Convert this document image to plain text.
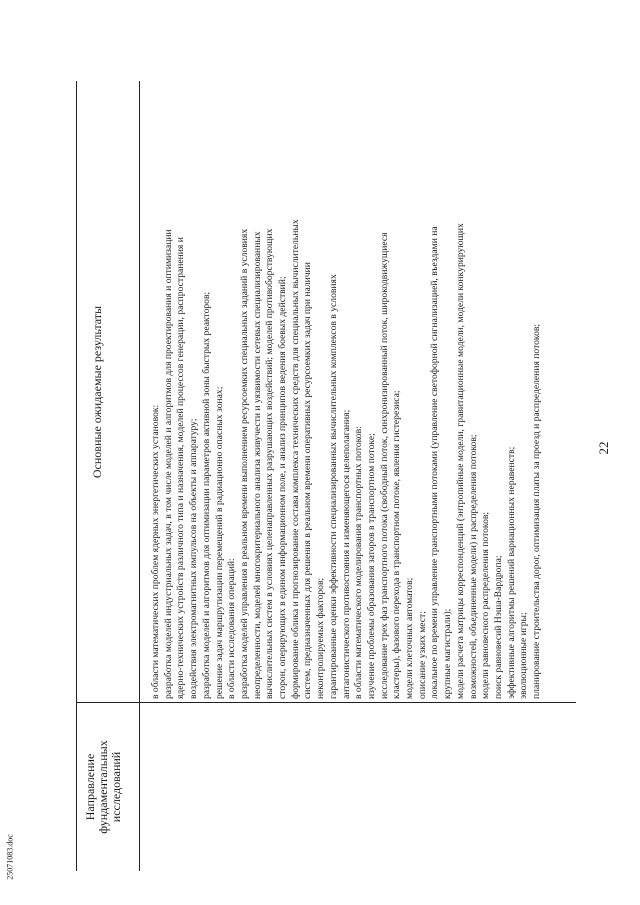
22
Направление фундаментальных исследований
Основные ожидаемые результаты
в области математических проблем ядерных энергетических установок: разработка моделей индустриальных задач, в том числе моделей и алгоритмов для проектирования и оптимизации ядерно-технических устройств различного типа и назначения, моделей процессов генерации, распространения и воздействия электромагнитных импульсов на объекты и аппаратуру; разработка моделей и алгоритмов для оптимизации параметров активной зоны быстрых реакторов; решение задач маршрутизации перемещений в радиационно опасных зонах; в области исследования операций: разработка моделей управления в реальном времени выполнением ресурсоемких специальных заданий в условиях неопределенности, моделей многокритериального анализа живучести и уязвимости сетевых специализированных вычислительных систем в условиях целенаправленных разрушающих воздействий; моделей противоборствующих сторон, оперирующих в едином информационном поле, и анализ принципов ведения боевых действий; формирование облика и прогнозирование состава комплекса технических средств для специальных вычислительных систем, предназначенных для решения в реальном времени оперативных ресурсоемких задач при наличии неконтролируемых факторов; гарантированные оценки эффективности специализированных вычислительных комплексов в условиях антагонистического противостояния и изменяющегося целеполагания; в области математического моделирования транспортных потоков: изучение проблемы образования заторов в транспортном потоке; исследование трех фаз транспортного потока (свободный поток, синхронизированный поток, широкодвижущиеся кластеры), фазового перехода в транспортном потоке, явления гистерезиса; модели клеточных автоматов; описание узких мест; локальное по времени управление транспортными потоками (управление светофорной сигнализацией, въездами на крупные магистрали); модели расчета матрицы корреспонденций (энтропийные модели, гравитационные модели, модели конкурирующих возможностей, объединенные модели) и распределения потоков; модели равновесного распределения потоков; поиск равновесий Нэша-Вардропа; эффективные алгоритмы решений вариационных неравенств; эволюционные игры; планирование строительства дорог, оптимизация платы за проезд и распределения потоков;
25071083.doc
